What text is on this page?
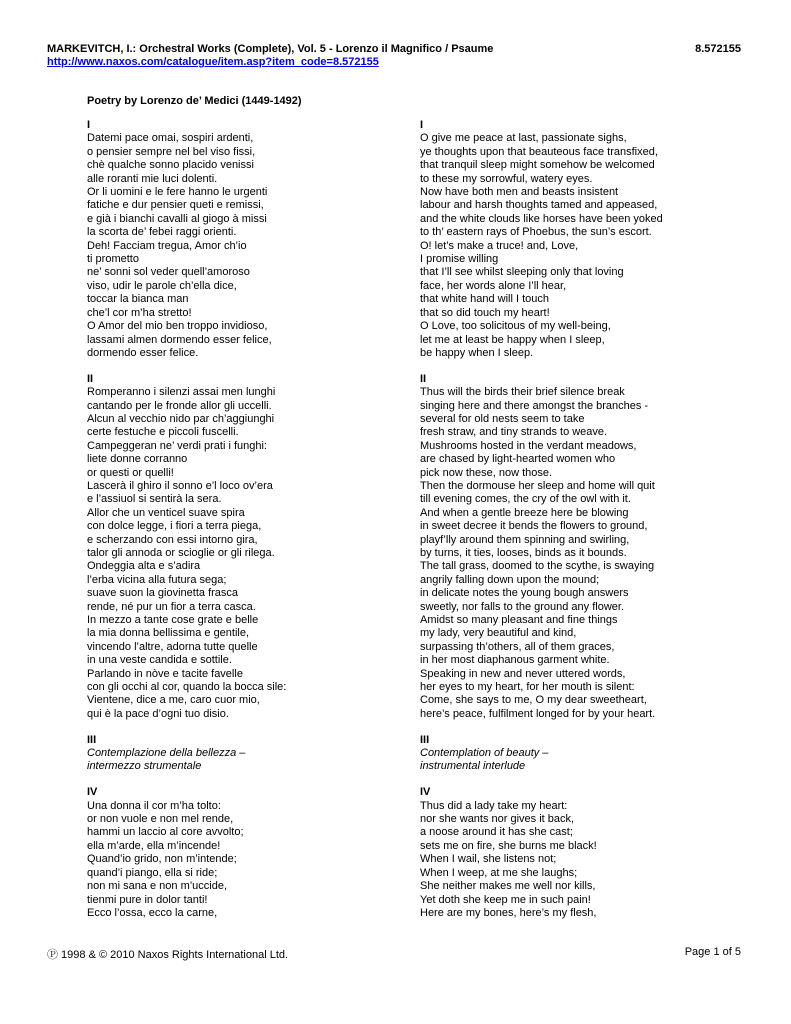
MARKEVITCH, I.: Orchestral Works (Complete), Vol. 5 - Lorenzo il Magnifico / Psaume	8.572155
http://www.naxos.com/catalogue/item.asp?item_code=8.572155
Poetry by Lorenzo de’ Medici (1449-1492)
I
Datemi pace omai, sospiri ardenti,
o pensier sempre nel bel viso fissi,
chè qualche sonno placido venissi
alle roranti mie luci dolenti.
Or li uomini e le fere hanno le urgenti
fatiche e dur pensier queti e remissi,
e già i bianchi cavalli al giogo à missi
la scorta de’ febei raggi orienti.
Deh! Facciam tregua, Amor ch’io
ti prometto
ne’ sonni sol veder quell’amoroso
viso, udir le parole ch’ella dice,
toccar la bianca man
che’l cor m’ha stretto!
O Amor del mio ben troppo invidioso,
lassami almen dormendo esser felice,
dormendo esser felice.
II
Romperanno i silenzi assai men lunghi
cantando per le fronde allor gli uccelli.
Alcun al vecchio nido par ch’aggiunghi
certe festuche e piccoli fuscelli.
Campeggeran ne’ verdi prati i funghi:
liete donne corranno
or questi or quelli!
Lascerà il ghiro il sonno e’l loco ov’era
e l’assiuol si sentirà la sera.
Allor che un venticel suave spira
con dolce legge, i fiori a terra piega,
e scherzando con essi intorno gira,
talor gli annoda or scioglie or gli rilega.
Ondeggia alta e s’adira
l’erba vicina alla futura sega;
suave suon la giovinetta frasca
rende, né pur un fior a terra casca.
In mezzo a tante cose grate e belle
la mia donna bellissima e gentile,
vincendo l’altre, adorna tutte quelle
in una veste candida e sottile.
Parlando in nòve e tacite favelle
con gli occhi al cor, quando la bocca sile:
Vientene, dice a me, caro cuor mio,
qui è la pace d’ogni tuo disio.
III
Contemplazione della bellezza –
intermezzo strumentale
IV
Una donna il cor m’ha tolto:
or non vuole e non mel rende,
hammi un laccio al core avvolto;
ella m’arde, ella m’incende!
Quand’io grido, non m’intende;
quand’i piango, ella si ride;
non mi sana e non m’uccide,
tienmi pure in dolor tanti!
Ecco l’ossa, ecco la carne,
I
O give me peace at last, passionate sighs,
ye thoughts upon that beauteous face transfixed,
that tranquil sleep might somehow be welcomed
to these my sorrowful, watery eyes.
Now have both men and beasts insistent
labour and harsh thoughts tamed and appeased,
and the white clouds like horses have been yoked
to th’ eastern rays of Phoebus, the sun’s escort.
O! let’s make a truce! and, Love,
I promise willing
that I’ll see whilst sleeping only that loving
face, her words alone I’ll hear,
that white hand will I touch
that so did touch my heart!
O Love, too solicitous of my well-being,
let me at least be happy when I sleep,
be happy when I sleep.
II
Thus will the birds their brief silence break
singing here and there amongst the branches -
several for old nests seem to take
fresh straw, and tiny strands to weave.
Mushrooms hosted in the verdant meadows,
are chased by light-hearted women who
pick now these, now those.
Then the dormouse her sleep and home will quit
till evening comes, the cry of the owl with it.
And when a gentle breeze here be blowing
in sweet decree it bends the flowers to ground,
playf’lly around them spinning and swirling,
by turns, it ties, looses, binds as it bounds.
The tall grass, doomed to the scythe, is swaying
angrily falling down upon the mound;
in delicate notes the young bough answers
sweetly, nor falls to the ground any flower.
Amidst so many pleasant and fine things
my lady, very beautiful and kind,
surpassing th’others, all of them graces,
in her most diaphanous garment white.
Speaking in new and never uttered words,
her eyes to my heart, for her mouth is silent:
Come, she says to me, O my dear sweetheart,
here’s peace, fulfilment longed for by your heart.
III
Contemplation of beauty –
instrumental interlude
IV
Thus did a lady take my heart:
nor she wants nor gives it back,
a noose around it has she cast;
sets me on fire, she burns me black!
When I wail, she listens not;
When I weep, at me she laughs;
She neither makes me well nor kills,
Yet doth she keep me in such pain!
Here are my bones, here’s my flesh,
Ⓟ 1998 & © 2010 Naxos Rights International Ltd.	Page 1 of 5
